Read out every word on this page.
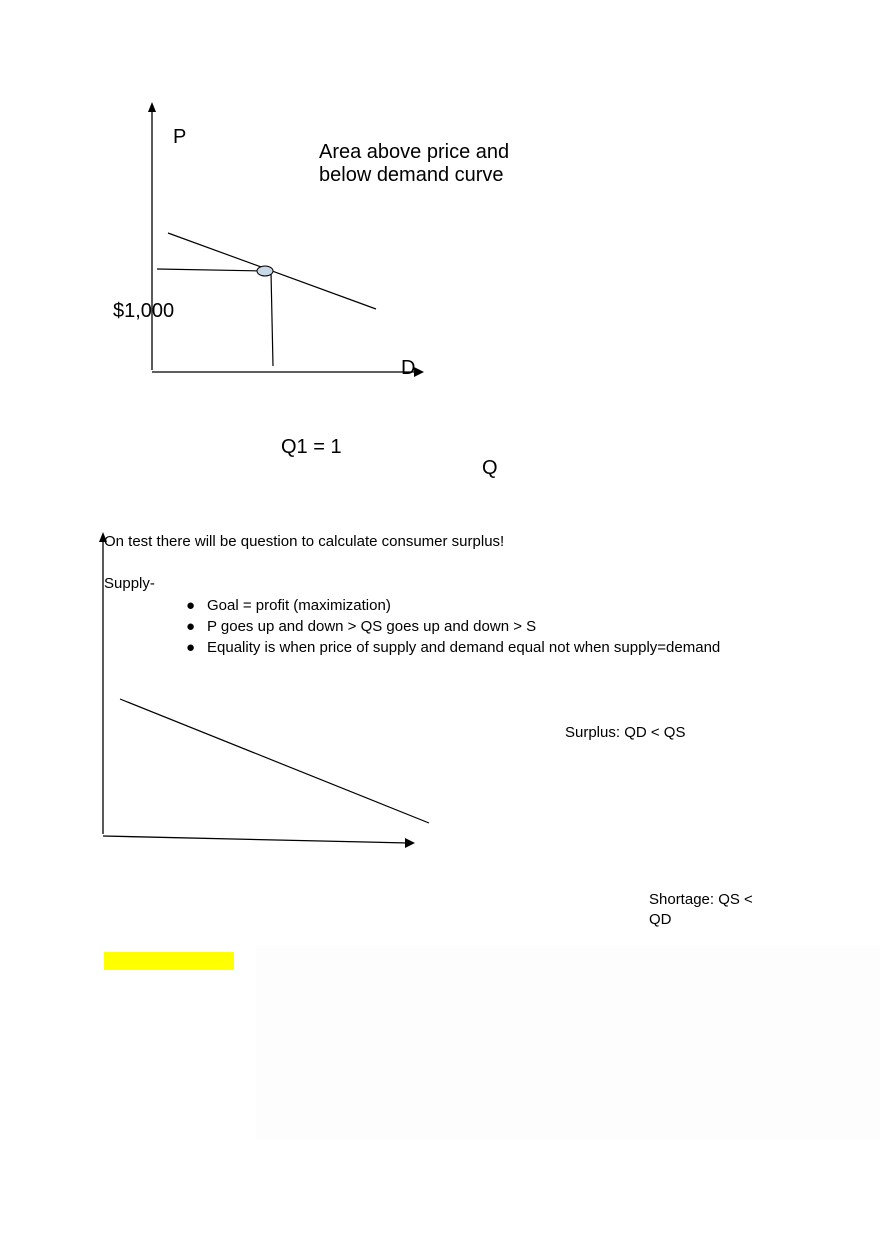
P
Area above price and
below demand curve
$1,000
D
Q1 = 1
Q
On test there will be question to calculate consumer surplus!
Supply-
● Goal = profit (maximization)
● P goes up and down > QS goes up and down > S
● Equality is when price of supply and demand equal not when supply=demand
Surplus: QD < QS
Shortage: QS <
QD
